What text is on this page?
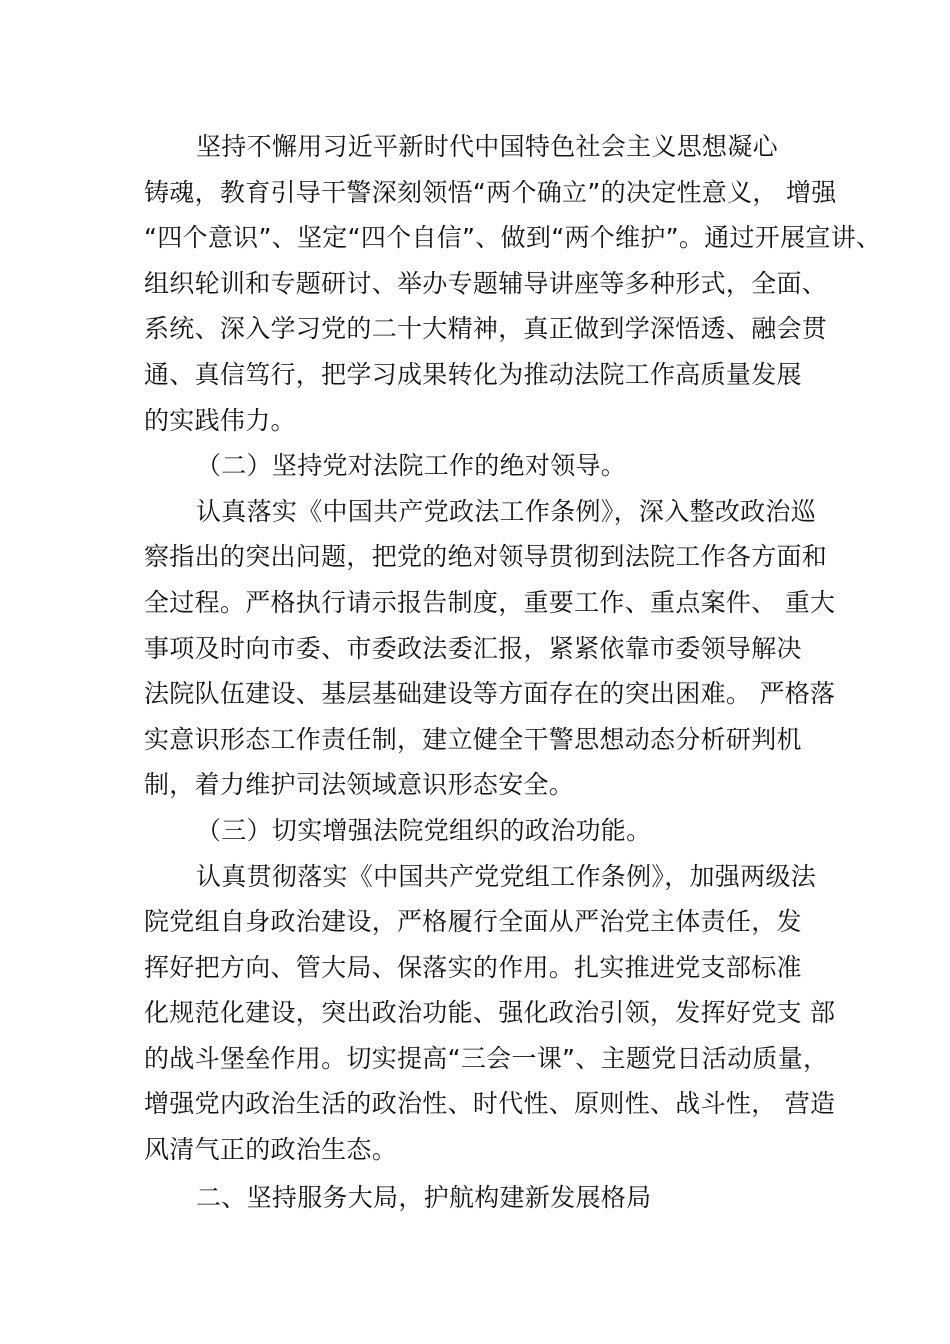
坚持不懈用习近平新时代中国特色社会主义思想凝心
铸魂，教育引导干警深刻领悟“两个确立”的决定性意义， 增强
“四个意识”、坚定“四个自信”、做到“两个维护”。通过开展宣讲、
组织轮训和专题研讨、举办专题辅导讲座等多种形式，全面、
系统、深入学习党的二十大精神，真正做到学深悟透、融会贯
通、真信笃行，把学习成果转化为推动法院工作高质量发展
的实践伟力。
（二）坚持党对法院工作的绝对领导。
认真落实《中国共产党政法工作条例》，深入整改政治巡
察指出的突出问题，把党的绝对领导贯彻到法院工作各方面和
全过程。严格执行请示报告制度，重要工作、重点案件、 重大
事项及时向市委、市委政法委汇报，紧紧依靠市委领导解决
法院队伍建设、基层基础建设等方面存在的突出困难。 严格落
实意识形态工作责任制，建立健全干警思想动态分析研判机
制，着力维护司法领域意识形态安全。
（三）切实增强法院党组织的政治功能。
认真贯彻落实《中国共产党党组工作条例》，加强两级法
院党组自身政治建设，严格履行全面从严治党主体责任，发
挥好把方向、管大局、保落实的作用。扎实推进党支部标准
化规范化建设，突出政治功能、强化政治引领，发挥好党支 部
的战斗堡垒作用。切实提高“三会一课”、主题党日活动质量，
增强党内政治生活的政治性、时代性、原则性、战斗性， 营造
风清气正的政治生态。
二、坚持服务大局，护航构建新发展格局
